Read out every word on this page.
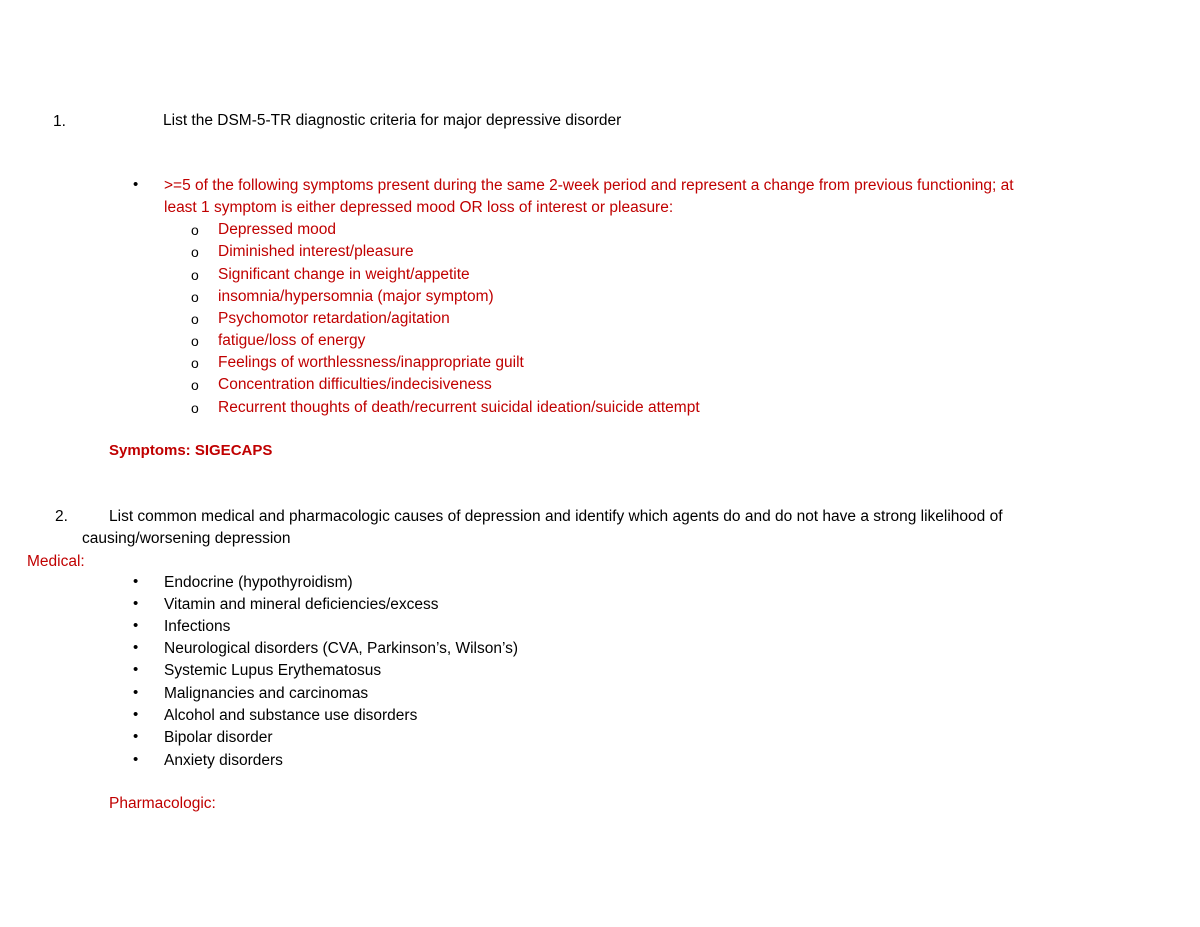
1.	List the DSM-5-TR diagnostic criteria for major depressive disorder
• >=5 of the following symptoms present during the same 2-week period and represent a change from previous functioning; at
least 1 symptom is either depressed mood OR loss of interest or pleasure:
o Depressed mood
o Diminished interest/pleasure
o Significant change in weight/appetite
o insomnia/hypersomnia (major symptom)
o Psychomotor retardation/agitation
o fatigue/loss of energy
o Feelings of worthlessness/inappropriate guilt
o Concentration difficulties/indecisiveness
o Recurrent thoughts of death/recurrent suicidal ideation/suicide attempt
Symptoms: SIGECAPS
2.	List common medical and pharmacologic causes of depression and identify which agents do and do not have a strong likelihood of
causing/worsening depression
Medical:
• Endocrine (hypothyroidism)
• Vitamin and mineral deficiencies/excess
• Infections
• Neurological disorders (CVA, Parkinson’s, Wilson’s)
• Systemic Lupus Erythematosus
• Malignancies and carcinomas
• Alcohol and substance use disorders
• Bipolar disorder
• Anxiety disorders
Pharmacologic:
